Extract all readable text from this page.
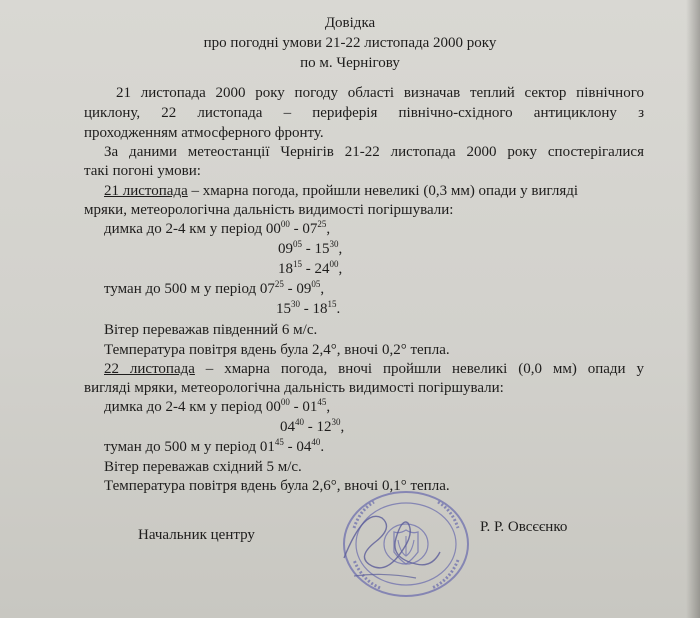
Довідка
про погодні умови 21-22 листопада 2000 року
по м. Чернігову
21 листопада 2000 року погоду області визначав теплий сектор північного
циклону, 22 листопада – периферія північно-східного антициклону з
проходженням атмосферного фронту.
За даними метеостанції Чернігів 21-22 листопада 2000 року спостерігалися
такі погоні умови:
21 листопада – хмарна погода, пройшли невеликі (0,3 мм) опади у вигляді
мряки, метеорологічна дальність видимості погіршували:
димка до 2-4 км у період $00^{00} - 07^{25}$,
$09^{05} - 15^{30}$,
$18^{15} - 24^{00}$,
туман до 500 м у період $07^{25} - 09^{05}$,
$15^{30} - 18^{15}$.
Вітер переважав південний 6 м/с.
Температура повітря вдень була 2,4°, вночі 0,2° тепла.
22 листопада – хмарна погода, вночі пройшли невеликі (0,0 мм) опади у
вигляді мряки, метеорологічна дальність видимості погіршували:
димка до 2-4 км у період $00^{00} - 01^{45}$,
$04^{40} - 12^{30}$,
туман до 500 м у період $01^{45} - 04^{40}$.
Вітер переважав східний 5 м/с.
Температура повітря вдень була 2,6°, вночі 0,1° тепла.
Начальник центру	Р. Р. Овсєєнко
